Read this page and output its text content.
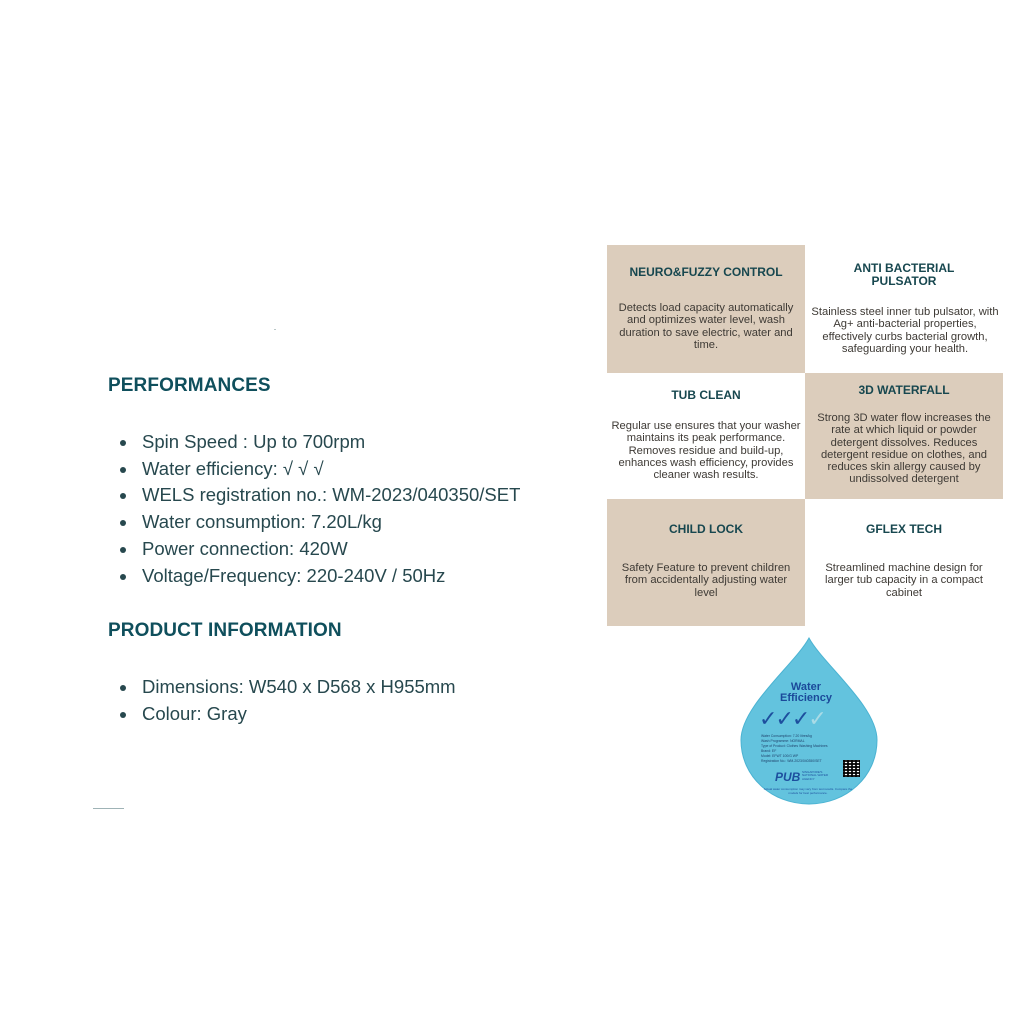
PERFORMANCES
Spin Speed : Up to 700rpm
Water efficiency: √ √ √
WELS registration no.: WM-2023/040350/SET
Water consumption: 7.20L/kg
Power connection: 420W
Voltage/Frequency: 220-240V / 50Hz
PRODUCT INFORMATION
Dimensions: W540 x D568 x H955mm
Colour: Gray

NEURO&FUZZY CONTROL

Detects load capacity automatically and optimizes water level, wash duration to save electric, water and time.

ANTI BACTERIAL PULSATOR

Stainless steel inner tub pulsator, with Ag+ anti-bacterial properties, effectively curbs bacterial growth, safeguarding your health.

TUB CLEAN

Regular use ensures that your washer maintains its peak performance. Removes residue and build-up, enhances wash efficiency, provides cleaner wash results.

3D WATERFALL

Strong 3D water flow increases the rate at which liquid or powder detergent dissolves. Reduces detergent residue on clothes, and reduces skin allergy caused by undissolved detergent

CHILD LOCK

Safety Feature to prevent children from accidentally adjusting water level

GFLEX TECH

Streamlined machine design for larger tub capacity in a compact cabinet

Water Efficiency
✓✓✓✓
Water Consumption: 7.20 litres/kg
Wash Programme: NORMAL
Type of Product: Clothes Washing Machines
Brand: EF
Model: EFWT 100/G WP
Registration No.: WM-2023/040350/SET
PUB SINGAPORE'S NATIONAL WATER AGENCY
Actual water consumption may vary from test results. Compare the models for best performance.
